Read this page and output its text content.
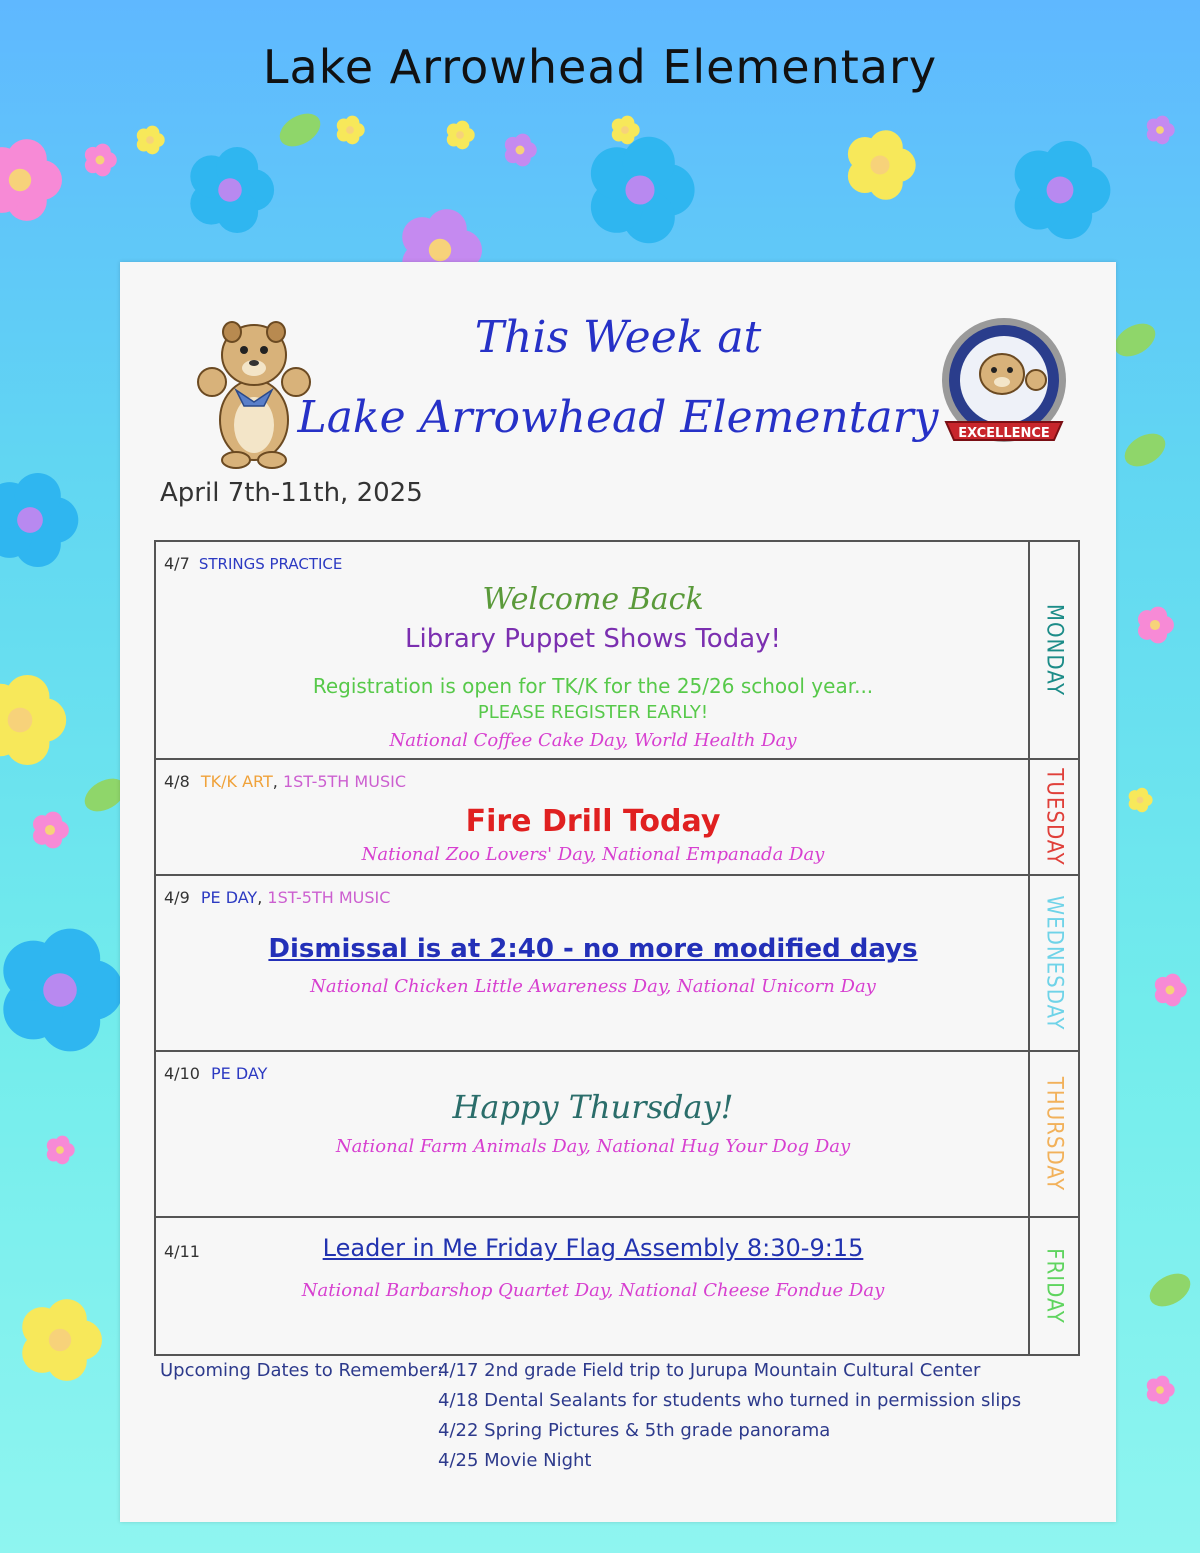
Lake Arrowhead Elementary
This Week at
Lake Arrowhead Elementary	EXCELLENCE
April 7th-11th, 2025
4/7 STRINGS PRACTICE
Welcome Back
Library Puppet Shows Today!
Registration is open for TK/K for the 25/26 school year...
PLEASE REGISTER EARLY!
National Coffee Cake Day, World Health Day
MONDAY
4/8 TK/K ART, 1ST-5TH MUSIC
Fire Drill Today
National Zoo Lovers' Day, National Empanada Day	TUESDAY
4/9 PE DAY, 1ST-5TH MUSIC
Dismissal is at 2:40 - no more modified days
National Chicken Little Awareness Day, National Unicorn Day	WEDNESDAY
4/10 PE DAY
Happy Thursday!
National Farm Animals Day, National Hug Your Dog Day	THURSDAY
4/11	Leader in Me Friday Flag Assembly 8:30-9:15
National Barbarshop Quartet Day, National Cheese Fondue Day	FRIDAY
Upcoming Dates to Remember:
4/17 2nd grade Field trip to Jurupa Mountain Cultural Center
4/18 Dental Sealants for students who turned in permission slips
4/22 Spring Pictures & 5th grade panorama
4/25 Movie Night
